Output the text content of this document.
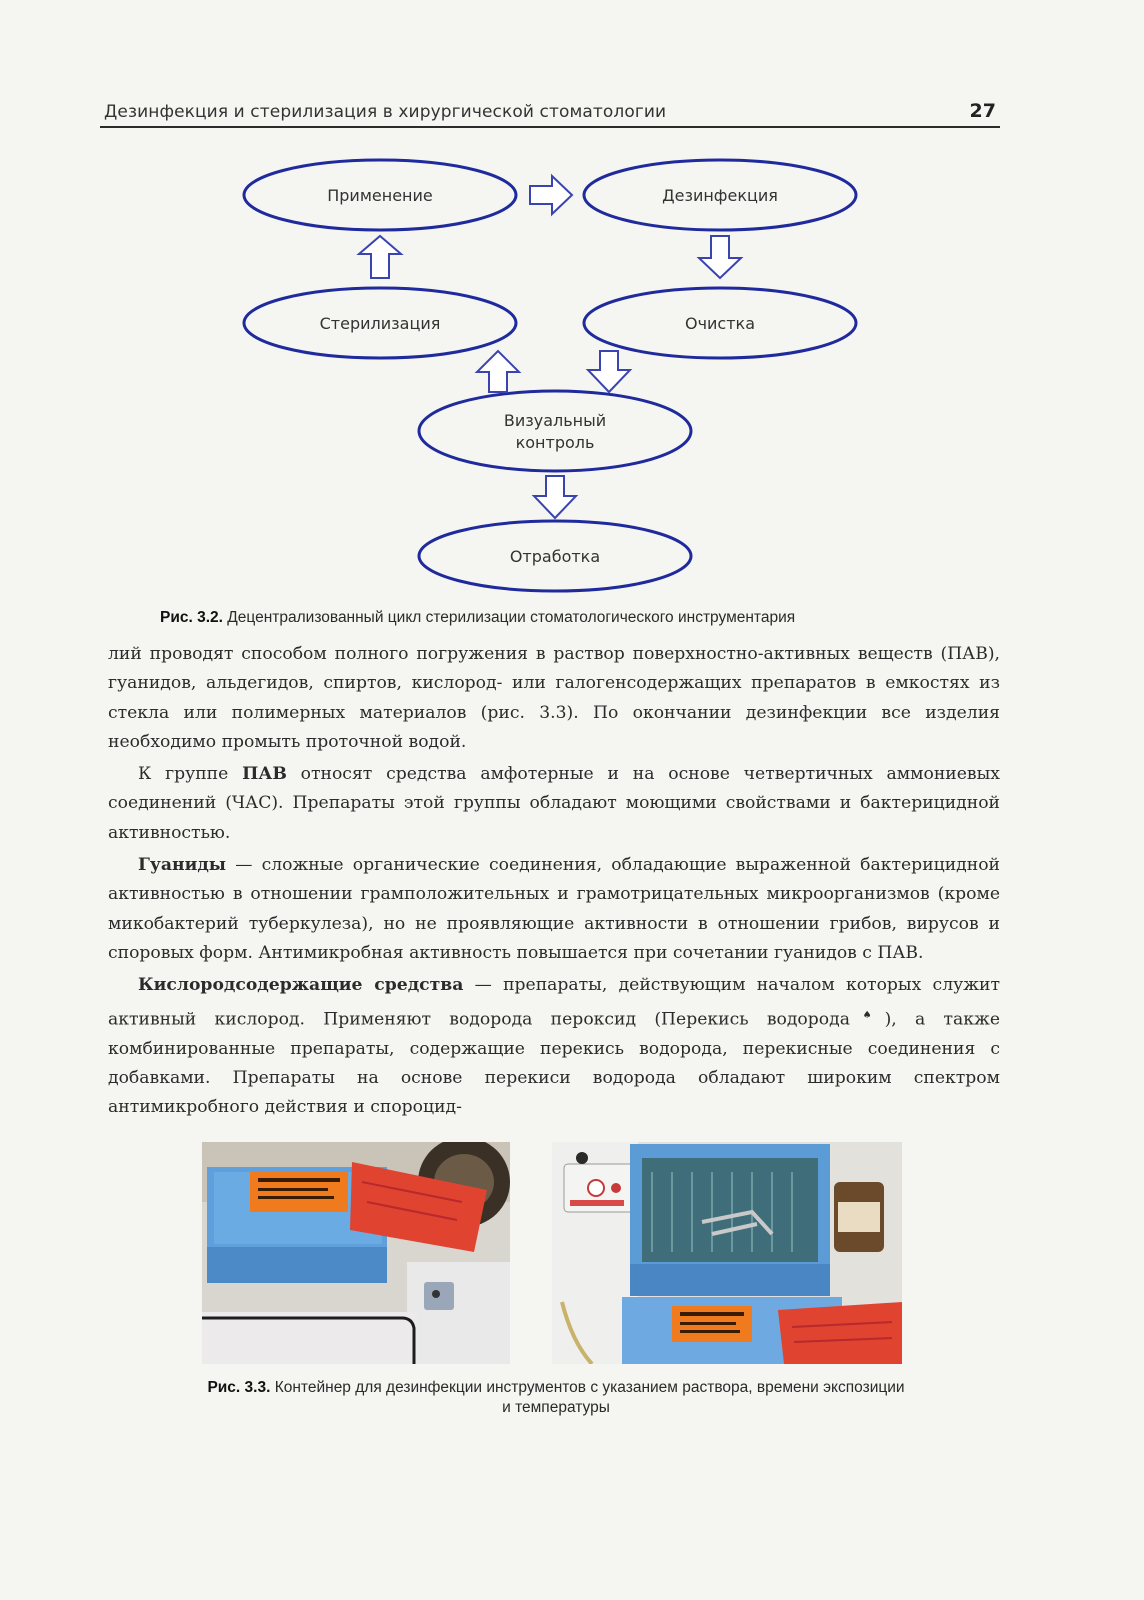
Дезинфекция и стерилизация в хирургической стоматологии	27
Применение	Дезинфекция
Стерилизация	Очистка
Визуальный
контроль
Отработка
Рис. 3.2. Децентрализованный цикл стерилизации стоматологического инструментария

лий проводят способом полного погружения в раствор поверхностно-активных веществ (ПАВ), гуанидов, альдегидов, спиртов, кислород- или галогенсодержащих препаратов в емкостях из стекла или полимерных материалов (рис. 3.3). По окончании дезинфекции все изделия необходимо промыть проточной водой.

К группе ПАВ относят средства амфотерные и на основе четвертичных аммониевых соединений (ЧАС). Препараты этой группы обладают моющими свойствами и бактерицидной активностью.

Гуаниды — сложные органические соединения, обладающие выраженной бактерицидной активностью в отношении грамположительных и грамотрицательных микроорганизмов (кроме микобактерий туберкулеза), но не проявляющие активности в отношении грибов, вирусов и споровых форм. Антимикробная активность повышается при сочетании гуанидов с ПАВ.

Кислородсодержащие средства — препараты, действующим началом которых служит активный кислород. Применяют водорода пероксид (Перекись водорода♠), а также комбинированные препараты, содержащие перекись водорода, перекисные соединения с добавками. Препараты на основе перекиси водорода обладают широким спектром антимикробного действия и спороцид-

Рис. 3.3. Контейнер для дезинфекции инструментов с указанием раствора, времени экспозиции
и температуры
